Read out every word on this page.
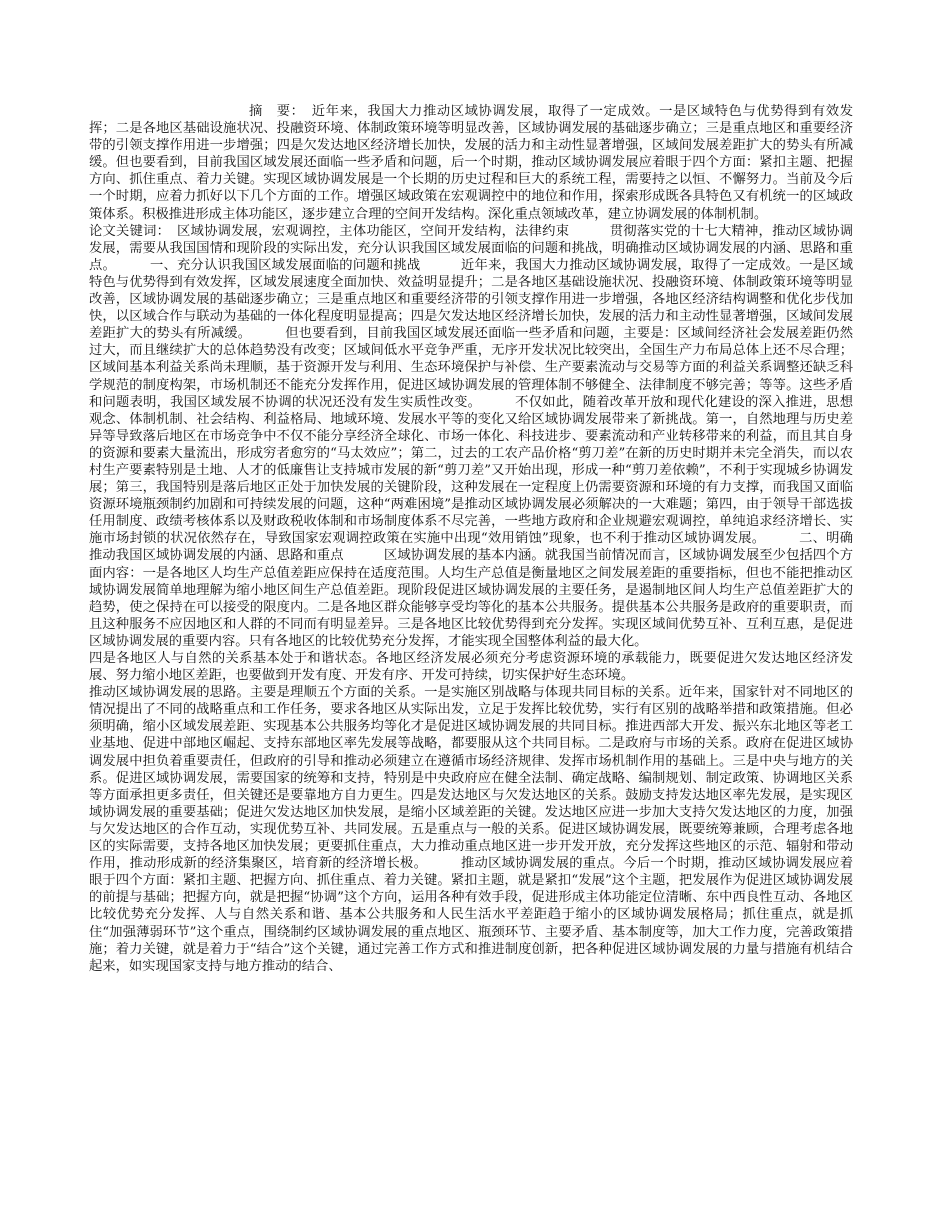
摘　要：　近年来，我国大力推动区域协调发展，取得了一定成效。一是区域特色与优势得到有效发挥；二是各地区基础设施状况、投融资环境、体制政策环境等明显改善，区域协调发展的基础逐步确立；三是重点地区和重要经济带的引领支撑作用进一步增强；四是欠发达地区经济增长加快，发展的活力和主动性显著增强，区域间发展差距扩大的势头有所减缓。但也要看到，目前我国区域发展还面临一些矛盾和问题，后一个时期，推动区域协调发展应着眼于四个方面：紧扣主题、把握方向、抓住重点、着力关键。实现区域协调发展是一个长期的历史过程和巨大的系统工程，需要持之以恒、不懈努力。当前及今后一个时期，应着力抓好以下几个方面的工作。增强区域政策在宏观调控中的地位和作用，探索形成既各具特色又有机统一的区域政策体系。积极推进形成主体功能区，逐步建立合理的空间开发结构。深化重点领域改革，建立协调发展的体制机制。

论文关键词：　区域协调发展，宏观调控，主体功能区，空间开发结构，法律约束　　　贯彻落实党的十七大精神，推动区域协调发展，需要从我国国情和现阶段的实际出发，充分认识我国区域发展面临的问题和挑战，明确推动区域协调发展的内涵、思路和重点。　　　一、充分认识我国区域发展面临的问题和挑战　　　近年来，我国大力推动区域协调发展，取得了一定成效。一是区域特色与优势得到有效发挥，区域发展速度全面加快、效益明显提升；二是各地区基础设施状况、投融资环境、体制政策环境等明显改善，区域协调发展的基础逐步确立；三是重点地区和重要经济带的引领支撑作用进一步增强，各地区经济结构调整和优化步伐加快，以区域合作与联动为基础的一体化程度明显提高；四是欠发达地区经济增长加快，发展的活力和主动性显著增强，区域间发展差距扩大的势头有所减缓。　　　但也要看到，目前我国区域发展还面临一些矛盾和问题，主要是：区域间经济社会发展差距仍然过大，而且继续扩大的总体趋势没有改变；区域间低水平竞争严重，无序开发状况比较突出，全国生产力布局总体上还不尽合理；区域间基本利益关系尚未理顺，基于资源开发与利用、生态环境保护与补偿、生产要素流动与交易等方面的利益关系调整还缺乏科学规范的制度构架，市场机制还不能充分发挥作用，促进区域协调发展的管理体制不够健全、法律制度不够完善；等等。这些矛盾和问题表明，我国区域发展不协调的状况还没有发生实质性改变。　　　不仅如此，随着改革开放和现代化建设的深入推进，思想观念、体制机制、社会结构、利益格局、地域环境、发展水平等的变化又给区域协调发展带来了新挑战。第一，自然地理与历史差异等导致落后地区在市场竞争中不仅不能分享经济全球化、市场一体化、科技进步、要素流动和产业转移带来的利益，而且其自身的资源和要素大量流出，形成穷者愈穷的“马太效应”；第二，过去的工农产品价格“剪刀差”在新的历史时期并未完全消失，而以农村生产要素特别是土地、人才的低廉售让支持城市发展的新“剪刀差”又开始出现，形成一种“剪刀差依赖”，不利于实现城乡协调发展；第三，我国特别是落后地区正处于加快发展的关键阶段，这种发展在一定程度上仍需要资源和环境的有力支撑，而我国又面临资源环境瓶颈制约加剧和可持续发展的问题，这种“两难困境”是推动区域协调发展必须解决的一大难题；第四，由于领导干部选拔任用制度、政绩考核体系以及财政税收体制和市场制度体系不尽完善，一些地方政府和企业规避宏观调控，单纯追求经济增长、实施市场封锁的状况依然存在，导致国家宏观调控政策在实施中出现“效用销蚀”现象，也不利于推动区域协调发展。　　　二、明确推动我国区域协调发展的内涵、思路和重点　　　区域协调发展的基本内涵。就我国当前情况而言，区域协调发展至少包括四个方面内容：一是各地区人均生产总值差距应保持在适度范围。人均生产总值是衡量地区之间发展差距的重要指标，但也不能把推动区域协调发展简单地理解为缩小地区间生产总值差距。现阶段促进区域协调发展的主要任务，是遏制地区间人均生产总值差距扩大的趋势，使之保持在可以接受的限度内。二是各地区群众能够享受均等化的基本公共服务。提供基本公共服务是政府的重要职责，而且这种服务不应因地区和人群的不同而有明显差异。三是各地区比较优势得到充分发挥。实现区域间优势互补、互利互惠，是促进区域协调发展的重要内容。只有各地区的比较优势充分发挥，才能实现全国整体利益的最大化。

四是各地区人与自然的关系基本处于和谐状态。各地区经济发展必须充分考虑资源环境的承载能力，既要促进欠发达地区经济发展、努力缩小地区差距，也要做到开发有度、开发有序、开发可持续，切实保护好生态环境。

推动区域协调发展的思路。主要是理顺五个方面的关系。一是实施区别战略与体现共同目标的关系。近年来，国家针对不同地区的情况提出了不同的战略重点和工作任务，要求各地区从实际出发，立足于发挥比较优势，实行有区别的战略举措和政策措施。但必须明确，缩小区域发展差距、实现基本公共服务均等化才是促进区域协调发展的共同目标。推进西部大开发、振兴东北地区等老工业基地、促进中部地区崛起、支持东部地区率先发展等战略，都要服从这个共同目标。二是政府与市场的关系。政府在促进区域协调发展中担负着重要责任，但政府的引导和推动必须建立在遵循市场经济规律、发挥市场机制作用的基础上。三是中央与地方的关系。促进区域协调发展，需要国家的统筹和支持，特别是中央政府应在健全法制、确定战略、编制规划、制定政策、协调地区关系等方面承担更多责任，但关键还是要靠地方自力更生。四是发达地区与欠发达地区的关系。鼓励支持发达地区率先发展，是实现区域协调发展的重要基础；促进欠发达地区加快发展，是缩小区域差距的关键。发达地区应进一步加大支持欠发达地区的力度，加强与欠发达地区的合作互动，实现优势互补、共同发展。五是重点与一般的关系。促进区域协调发展，既要统筹兼顾，合理考虑各地区的实际需要，支持各地区加快发展；更要抓住重点，大力推动重点地区进一步开发开放，充分发挥这些地区的示范、辐射和带动作用，推动形成新的经济集聚区，培育新的经济增长极。　　　推动区域协调发展的重点。今后一个时期，推动区域协调发展应着眼于四个方面：紧扣主题、把握方向、抓住重点、着力关键。紧扣主题，就是紧扣“发展”这个主题，把发展作为促进区域协调发展的前提与基础；把握方向，就是把握“协调”这个方向，运用各种有效手段，促进形成主体功能定位清晰、东中西良性互动、各地区比较优势充分发挥、人与自然关系和谐、基本公共服务和人民生活水平差距趋于缩小的区域协调发展格局；抓住重点，就是抓住“加强薄弱环节”这个重点，围绕制约区域协调发展的重点地区、瓶颈环节、主要矛盾、基本制度等，加大工作力度，完善政策措施；着力关键，就是着力于“结合”这个关键，通过完善工作方式和推进制度创新，把各种促进区域协调发展的力量与措施有机结合起来，如实现国家支持与地方推动的结合、
